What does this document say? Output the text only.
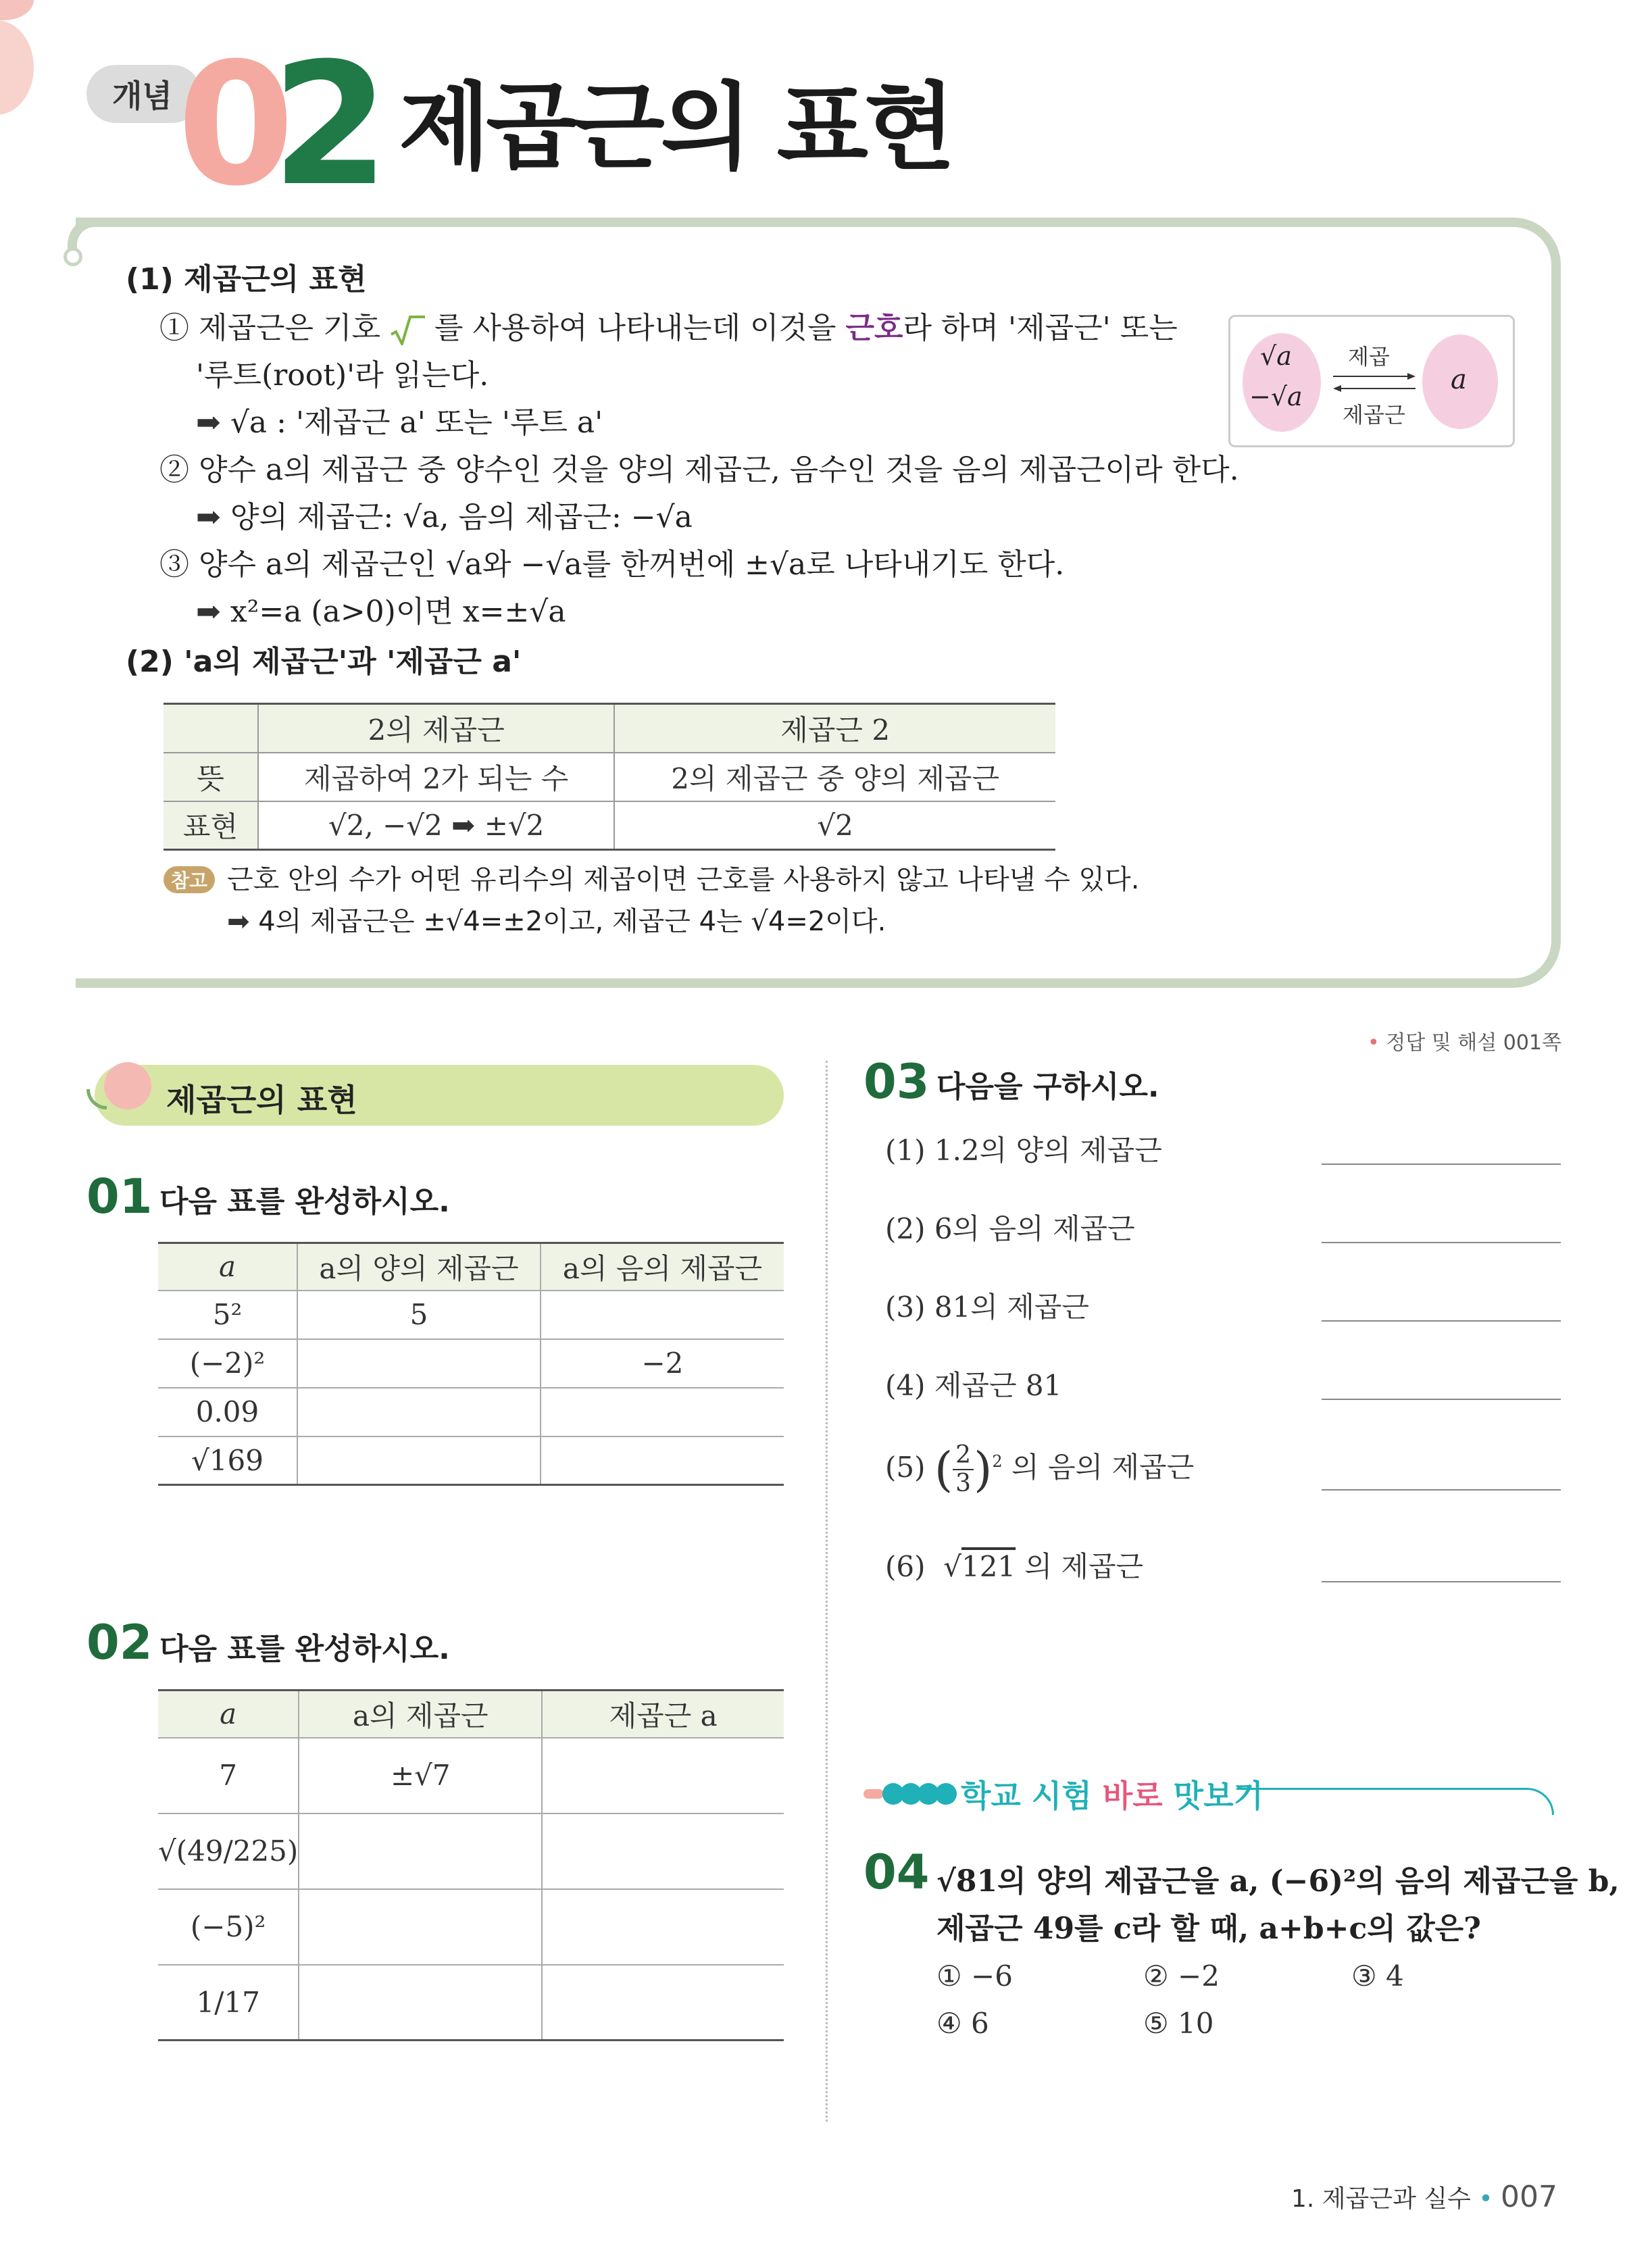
개념 0
2 제곱근의 표현
(1) 제곱근의 표현
① 제곱근은 기호 를 사용하여 나타내는데 이것을 근호라 하며 '제곱근' 또는
'루트(root)'라 읽는다.
➡ √a : '제곱근 a' 또는 '루트 a'
② 양수 a의 제곱근 중 양수인 것을 양의 제곱근, 음수인 것을 음의 제곱근이라 한다.
➡ 양의 제곱근: √a, 음의 제곱근: −√a
③ 양수 a의 제곱근인 √a와 −√a를 한꺼번에 ±√a로 나타내기도 한다.
➡ x²=a (a>0)이면 x=±√a
(2) 'a의 제곱근'과 '제곱근 a'
√a
−√a
제곱
제곱근
a
	2의 제곱근	제곱근 2
뜻	제곱하여 2가 되는 수	2의 제곱근 중 양의 제곱근
표현	√2, −√2 ➡ ±√2	√2
참고 근호 안의 수가 어떤 유리수의 제곱이면 근호를 사용하지 않고 나타낼 수 있다.
➡ 4의 제곱근은 ±√4=±2이고, 제곱근 4는 √4=2이다.
• 정답 및 해설 001쪽
제곱근의 표현
01 다음 표를 완성하시오.
a	a의 양의 제곱근	a의 음의 제곱근
5²	5	
(−2)²		−2
0.09		
√169		
02 다음 표를 완성하시오.
a	a의 제곱근	제곱근 a
7	±√7	
√(49/225)		
(−5)²		
1/17		
03 다음을 구하시오.
(1) 1.2의 양의 제곱근
(2) 6의 음의 제곱근
(3) 81의 제곱근
(4) 제곱근 81
(5) ( $\frac{2}{3} )^2$ 의 음의 제곱근
(6)  √121 의 제곱근
학교 시험 바로 맛보기
04 √81의 양의 제곱근을 a, (−6)²의 음의 제곱근을 b,
제곱근 49를 c라 할 때, a+b+c의 값은?
① −6	② −2	③ 4
④ 6	⑤ 10
1. 제곱근과 실수 • 007
